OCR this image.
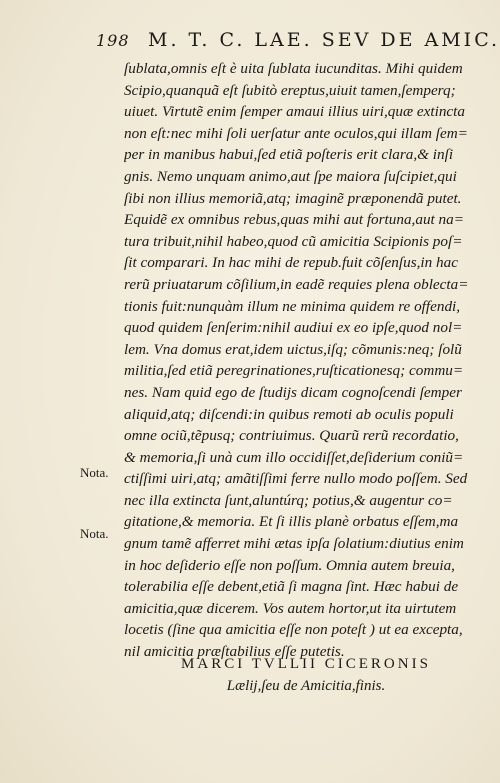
198 M. T. C. LAE. SEV DE AMIC.
ſublata,omnis eſt è uita ſublata iucunditas. Mihi quidem
Scipio,quanquã eſt ſubitò ereptus,uiuit tamen,ſemperq;
uiuet. Virtutẽ enim ſemper amaui illius uiri,quæ extincta
non eſt:nec mihi ſoli uerſatur ante oculos,qui illam ſem=
per in manibus habui,ſed etiã poſteris erit clara,& inſi
gnis. Nemo unquam animo,aut ſpe maiora ſuſcipiet,qui
ſibi non illius memoriã,atq; imaginẽ præponendã putet.
Equidẽ ex omnibus rebus,quas mihi aut fortuna,aut na=
tura tribuit,nihil habeo,quod cũ amicitia Scipionis poſ=
ſit comparari. In hac mihi de repub.fuit cõſenſus,in hac
rerũ priuatarum cõſilium,in eadẽ requies plena oblecta=
tionis fuit:nunquàm illum ne minima quidem re offendi,
quod quidem ſenſerim:nihil audiui ex eo ipſe,quod nol=
lem. Vna domus erat,idem uictus,iſq; cõmunis:neq; ſolũ
militia,ſed etiã peregrinationes,ruſticationesq; commu=
nes. Nam quid ego de ſtudijs dicam cognoſcendi ſemper
aliquid,atq; diſcendi:in quibus remoti ab oculis populi
omne ociũ,tẽpusq; contriuimus. Quarũ rerũ recordatio,
& memoria,ſi unà cum illo occidiſſet,deſiderium coniũ=
ctiſſimi uiri,atq; amãtiſſimi ferre nullo modo poſſem. Sed
nec illa extincta ſunt,aluntúrq; potius,& augentur co=
gitatione,& memoria. Et ſi illis planè orbatus eſſem,ma
gnum tamẽ afferret mihi ætas ipſa ſolatium:diutius enim
in hoc deſiderio eſſe non poſſum. Omnia autem breuia,
tolerabilia eſſe debent,etiã ſi magna ſint. Hæc habui de
amicitia,quæ dicerem. Vos autem hortor,ut ita uirtutem
locetis (ſine qua amicitia eſſe non poteſt ) ut ea excepta,
nil amicitia præſtabilius eſſe putetis.
Nota.
Nota.
MARCI TVLLII CICERONIS
Lælij,ſeu de Amicitia,finis.
